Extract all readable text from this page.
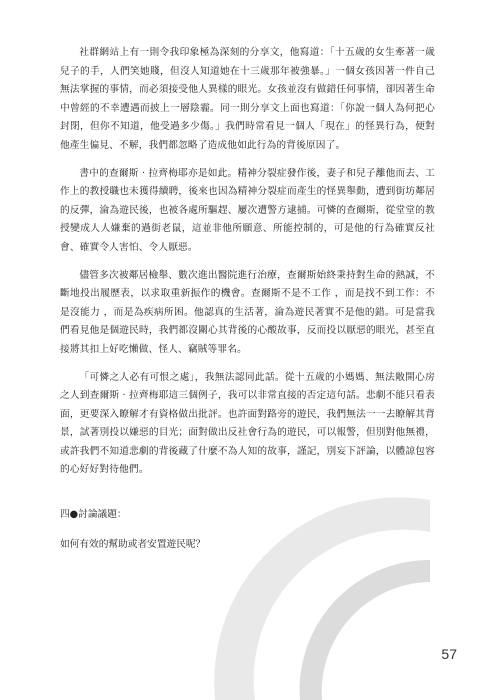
社群網站上有一則令我印象極為深刻的分享文，他寫道：「十五歲的女生牽著一歲兒子的手，人們笑她賤，但沒人知道她在十三歲那年被強暴。」一個女孩因著一件自己無法掌握的事情，而必須接受他人異樣的眼光。女孩並沒有做錯任何事情，卻因著生命中曾經的不幸遭遇而披上一層陰霾。同一則分享文上面也寫道：「你說一個人為何把心封閉，但你不知道，他受過多少傷。」我們時常看見一個人「現在」的怪異行為，便對他產生偏見、不解，我們都忽略了造成他如此行為的背後原因了。

書中的查爾斯 ‧ 拉齊梅耶亦是如此。精神分裂症發作後，妻子和兒子離他而去、工作上的教授職也未獲得續聘，後來也因為精神分裂症而產生的怪異舉動，遭到街坊鄰居的反彈，淪為遊民後，也被各處所驅趕、屢次遭警方逮捕。可憐的查爾斯，從堂堂的教授變成人人嫌棄的過街老鼠，這並非他所願意、所能控制的，可是他的行為確實反社會、確實令人害怕、令人厭惡。

儘管多次被鄰居檢舉、數次進出醫院進行治療，查爾斯始終秉持對生命的熱誠，不斷地投出履歷表，以求取重新振作的機會。查爾斯不是不工作 ，而是找不到工作：不是沒能力 ，而是為疾病所困。他認真的生活著，淪為遊民著實不是他的錯。可是當我們看見他是個遊民時，我們都沒關心其背後的心酸故事，反而投以厭惡的眼光，甚至直接將其扣上好吃懶做、怪人、竊賊等罪名。

「可憐之人必有可恨之處」，我無法認同此話。從十五歲的小媽媽、無法敞開心房之人到查爾斯 ‧ 拉齊梅耶這三個例子，我可以非常直接的否定這句話。悲劇不能只看表面，更要深入瞭解才有資格做出批評。也許面對路旁的遊民，我們無法一一去瞭解其背景，試著別投以嫌惡的目光；面對做出反社會行為的遊民，可以報警，但別對他無禮，或許我們不知道悲劇的背後藏了什麼不為人知的故事，謹記，別妄下評論，以體諒包容的心好好對待他們。

四●討論議題：

如何有效的幫助或者安置遊民呢？

57
